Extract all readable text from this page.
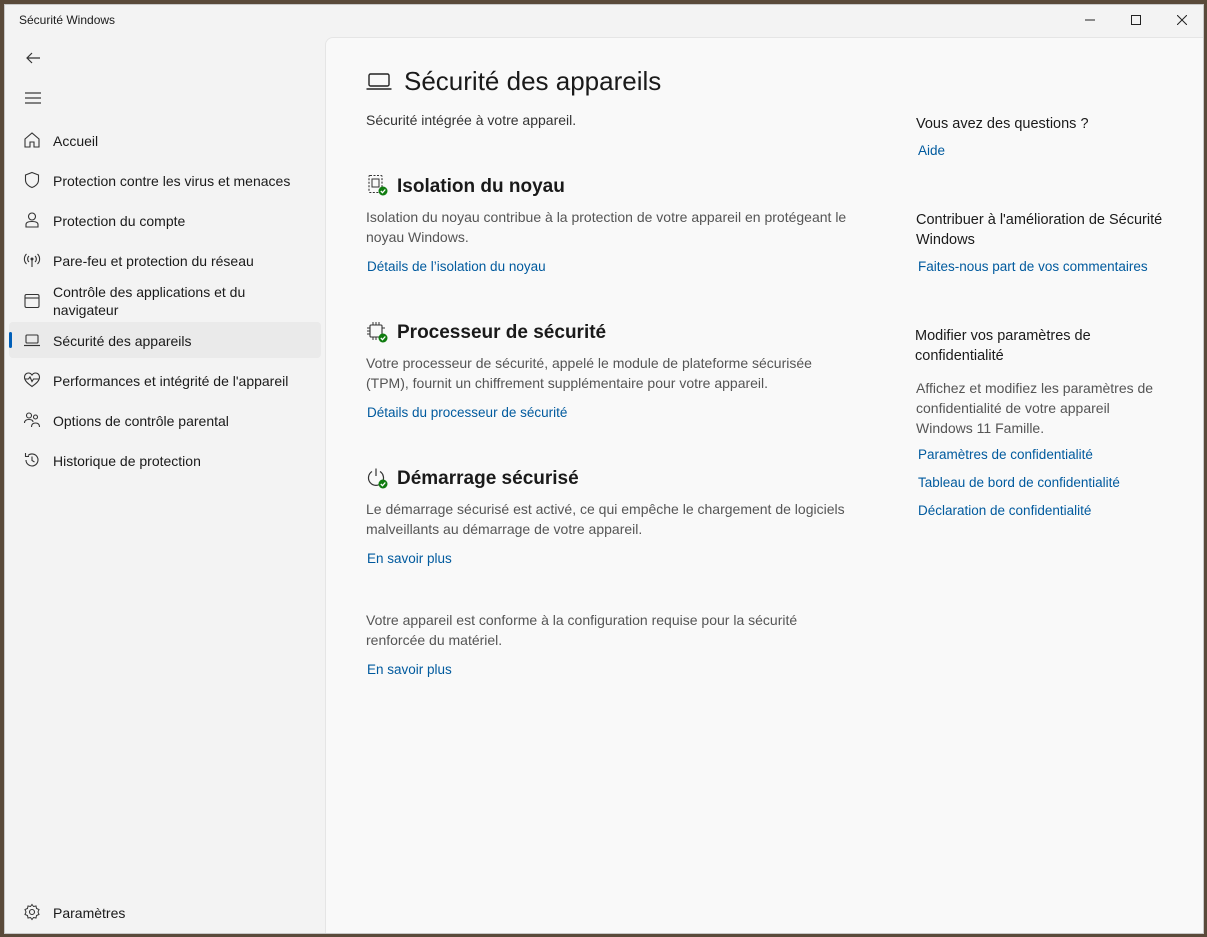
Sécurité Windows
Accueil
Protection contre les virus et menaces
Protection du compte
Pare-feu et protection du réseau
Contrôle des applications et du navigateur
Sécurité des appareils
Performances et intégrité de l'appareil
Options de contrôle parental
Historique de protection
Paramètres
Sécurité des appareils
Sécurité intégrée à votre appareil.
Isolation du noyau
Isolation du noyau contribue à la protection de votre appareil en protégeant le noyau Windows.
Détails de l’isolation du noyau
Processeur de sécurité
Votre processeur de sécurité, appelé le module de plateforme sécurisée (TPM), fournit un chiffrement supplémentaire pour votre appareil.
Détails du processeur de sécurité
Démarrage sécurisé
Le démarrage sécurisé est activé, ce qui empêche le chargement de logiciels malveillants au démarrage de votre appareil.
En savoir plus
Votre appareil est conforme à la configuration requise pour la sécurité renforcée du matériel.
En savoir plus
Vous avez des questions ?
Aide
Contribuer à l'amélioration de Sécurité Windows
Faites-nous part de vos commentaires
Modifier vos paramètres de confidentialité
Affichez et modifiez les paramètres de confidentialité de votre appareil Windows 11 Famille.
Paramètres de confidentialité
Tableau de bord de confidentialité
Déclaration de confidentialité
